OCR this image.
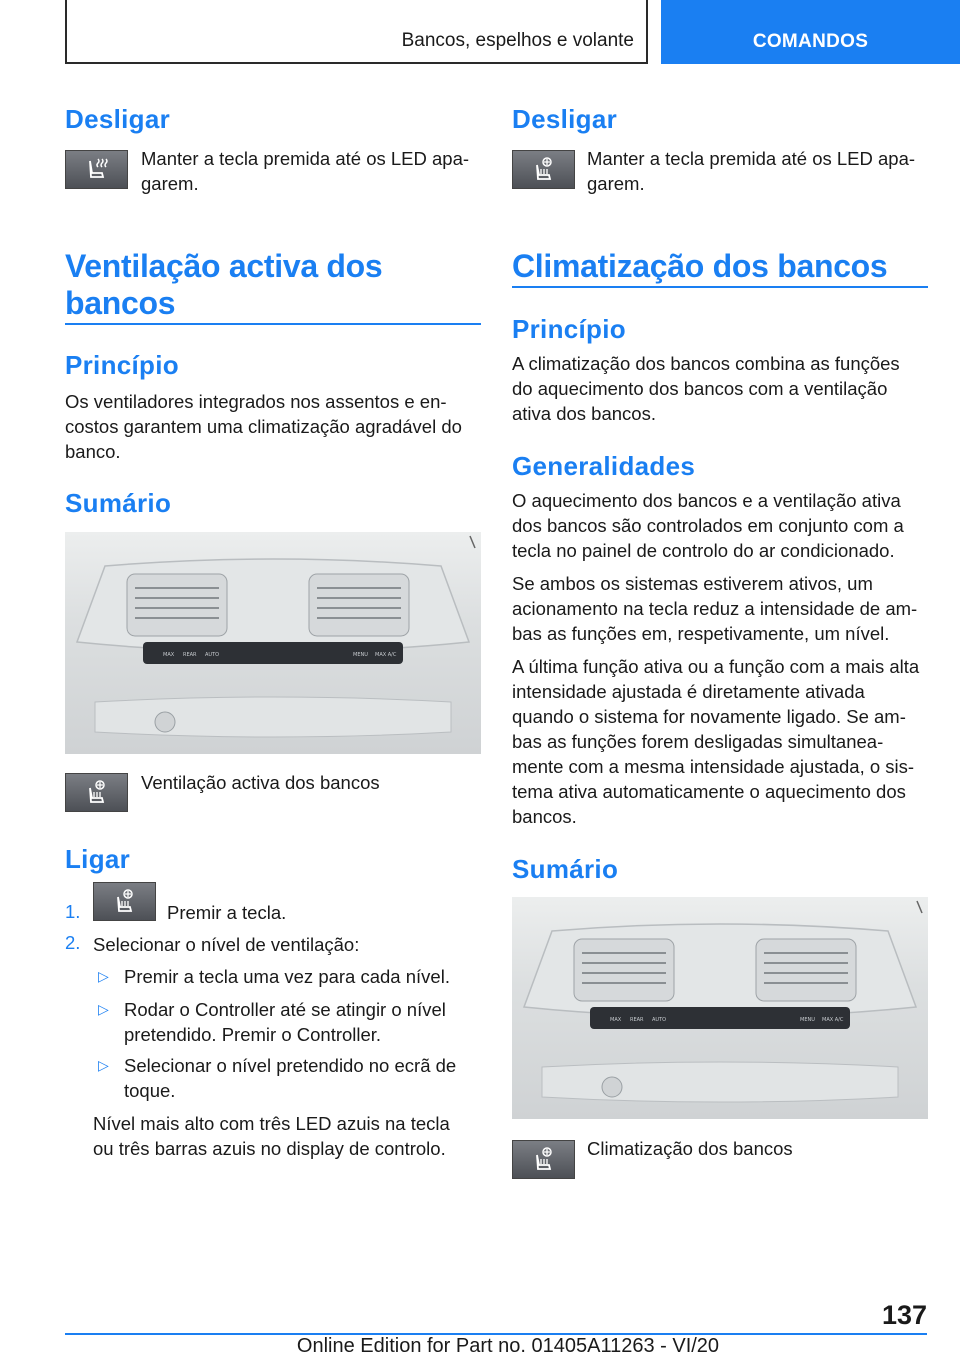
Bancos, espelhos e volante	COMANDOS
Desligar
Manter a tecla premida até os LED apa-
garem.
Ventilação activa dos
bancos
Princípio
Os ventiladores integrados nos assentos e en-
costos garantem uma climatização agradável do
banco.
Sumário
MAX REAR AUTO	MENU MAX A/C
Ventilação activa dos bancos
Ligar
1.	Premir a tecla.
2. Selecionar o nível de ventilação:
▷ Premir a tecla uma vez para cada nível.
▷ Rodar o Controller até se atingir o nível
pretendido. Premir o Controller.
▷ Selecionar o nível pretendido no ecrã de
toque.
Nível mais alto com três LED azuis na tecla
ou três barras azuis no display de controlo.
Desligar
Manter a tecla premida até os LED apa-
garem.
Climatização dos bancos
Princípio
A climatização dos bancos combina as funções
do aquecimento dos bancos com a ventilação
ativa dos bancos.
Generalidades
O aquecimento dos bancos e a ventilação ativa
dos bancos são controlados em conjunto com a
tecla no painel de controlo do ar condicionado.
Se ambos os sistemas estiverem ativos, um
acionamento na tecla reduz a intensidade de am-
bas as funções em, respetivamente, um nível.
A última função ativa ou a função com a mais alta
intensidade ajustada é diretamente ativada
quando o sistema for novamente ligado. Se am-
bas as funções forem desligadas simultanea-
mente com a mesma intensidade ajustada, o sis-
tema ativa automaticamente o aquecimento dos
bancos.
Sumário
MAX REAR AUTO	MENU MAX A/C
Climatização dos bancos
137
Online Edition for Part no. 01405A11263 - VI/20
